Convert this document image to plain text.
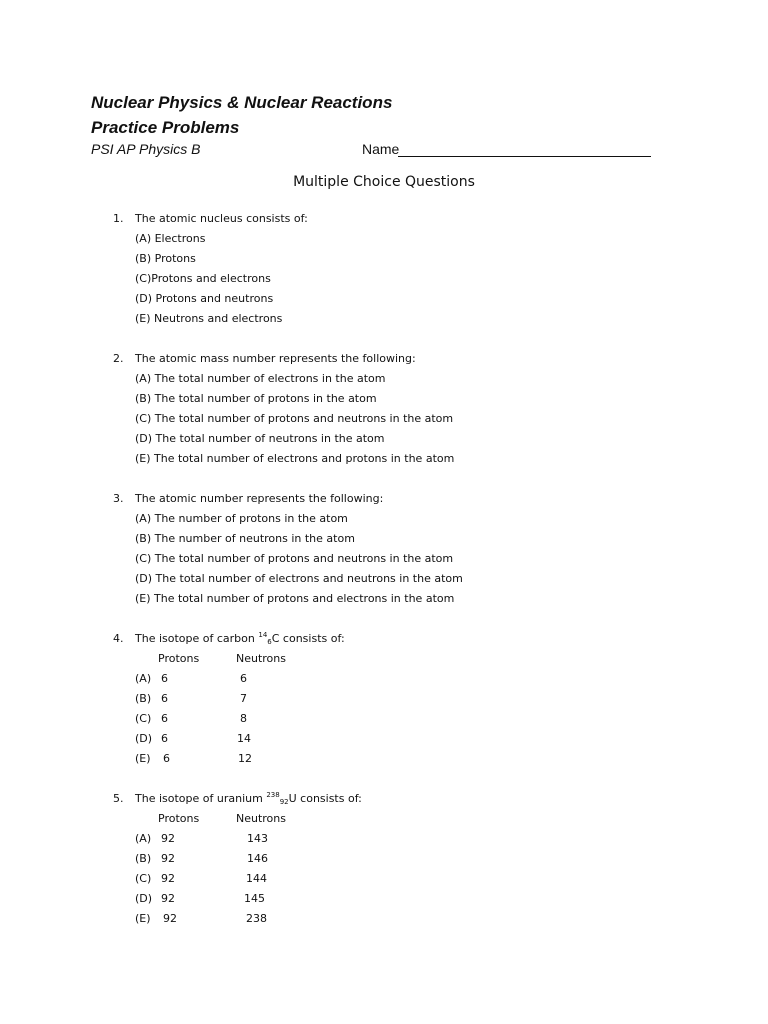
Nuclear Physics & Nuclear Reactions
Practice Problems
PSI AP Physics B	Name
Multiple Choice Questions
1. The atomic nucleus consists of:
(A) Electrons
(B) Protons
(C)Protons and electrons
(D) Protons and neutrons
(E) Neutrons and electrons
2. The atomic mass number represents the following:
(A) The total number of electrons in the atom
(B) The total number of protons in the atom
(C) The total number of protons and neutrons in the atom
(D) The total number of neutrons in the atom
(E) The total number of electrons and protons in the atom
3. The atomic number represents the following:
(A) The number of protons in the atom
(B) The number of neutrons in the atom
(C) The total number of protons and neutrons in the atom
(D) The total number of electrons and neutrons in the atom
(E) The total number of protons and electrons in the atom
4. The isotope of carbon $^{14}_6$C consists of:
Protons	Neutrons
(A) 6	6
(B) 6	7
(C) 6	8
(D) 6	14
(E) 6	12
5. The isotope of uranium $^{238}_{92}$U consists of:
Protons	Neutrons
(A) 92	143
(B) 92	146
(C) 92	144
(D) 92	145
(E) 92	238
